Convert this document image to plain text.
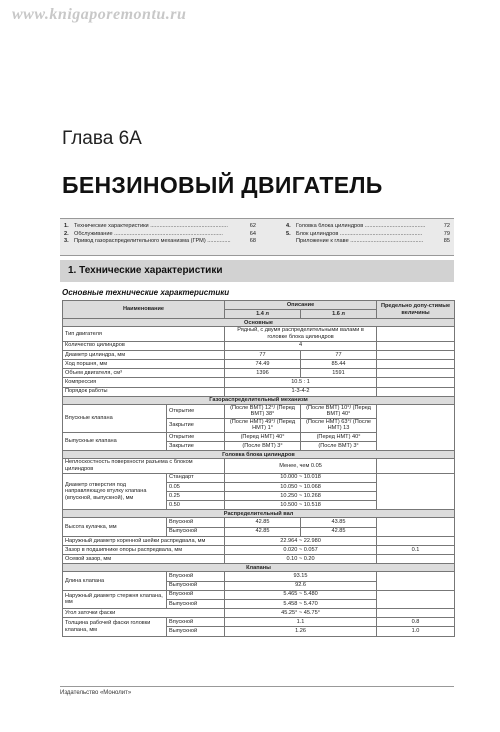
www.knigaporemontu.ru
Глава 6А
БЕНЗИНОВЫЙ ДВИГАТЕЛЬ
1. Технические характеристики ..................................................	62
2. Обслуживание ......................................................................	64
3. Привод газораспределительного механизма (ГРМ) ...............	68
4. Головка блока цилиндров .......................................	72
5. Блок цилиндров .....................................................	79
Приложение к главе ...............................................	85
1. Технические характеристики
Основные технические характеристики
Наименование		Описание		Предельно допу-стимые величины
		1.4 л	1.6 л	
Основные				
Тип двигателя		Рядный, с двумя распределительными валами в головке блока цилиндров		
Количество цилиндров		4		
Диаметр цилиндра, мм		77	77	
Ход поршня, мм		74.49	85.44	
Объем двигателя, см³		1396	1591	
Компрессия		10.5 : 1		
Порядок работы		1-3-4-2		
Газораспределительный механизм				
Впускные клапана	Открытие	(После ВМТ) 12°/ (Перед ВМТ) 38°	(После ВМТ) 10°/ (Перед ВМТ) 40°	
	Закрытие	(После НМТ) 49°/ (Перед НМТ) 1°	(После НМТ) 63°/ (После НМТ) 13	
Выпускные клапана	Открытие	(Перед НМТ) 40°	(Перед НМТ) 40°	
	Закрытие	(После ВМТ) 3°	(После ВМТ) 3°	
Головка блока цилиндров				
Неплоскостность поверхности разъема с блоком цилиндров		Менее, чем 0.05		
Диаметр отверстия под направляющую втулку клапана (впускной, выпускной), мм	Стандарт	10.000 ~ 10.018		
	0.05	10.050 ~ 10.068		
	0.25	10.250 ~ 10.268		
	0.50	10.500 ~ 10.518		
Распределительный вал				
Высота кулачка, мм	Впускной	42.85	43.85	
	Выпускной	42.85	42.85	
Наружный диаметр коренной шейки распредвала, мм		22.964 ~ 22.980		
Зазор в подшипнике опоры распредвала, мм		0.020 ~ 0.057		0.1
Осевой зазор, мм		0.10 ~ 0.20		
Клапаны				
Длина клапана	Впускной	93.15		
	Выпускной	92.6		
Наружный диаметр стержня клапана, мм	Впускной	5.465 ~ 5.480		
	Выпускной	5.458 ~ 5.470		
Угол заточки фаски		45.25° ~ 45.75°		
Толщина рабочей фаски головки клапана, мм	Впускной	1.1		0.8
	Выпускной	1.26		1.0
Издательство «Монолит»
